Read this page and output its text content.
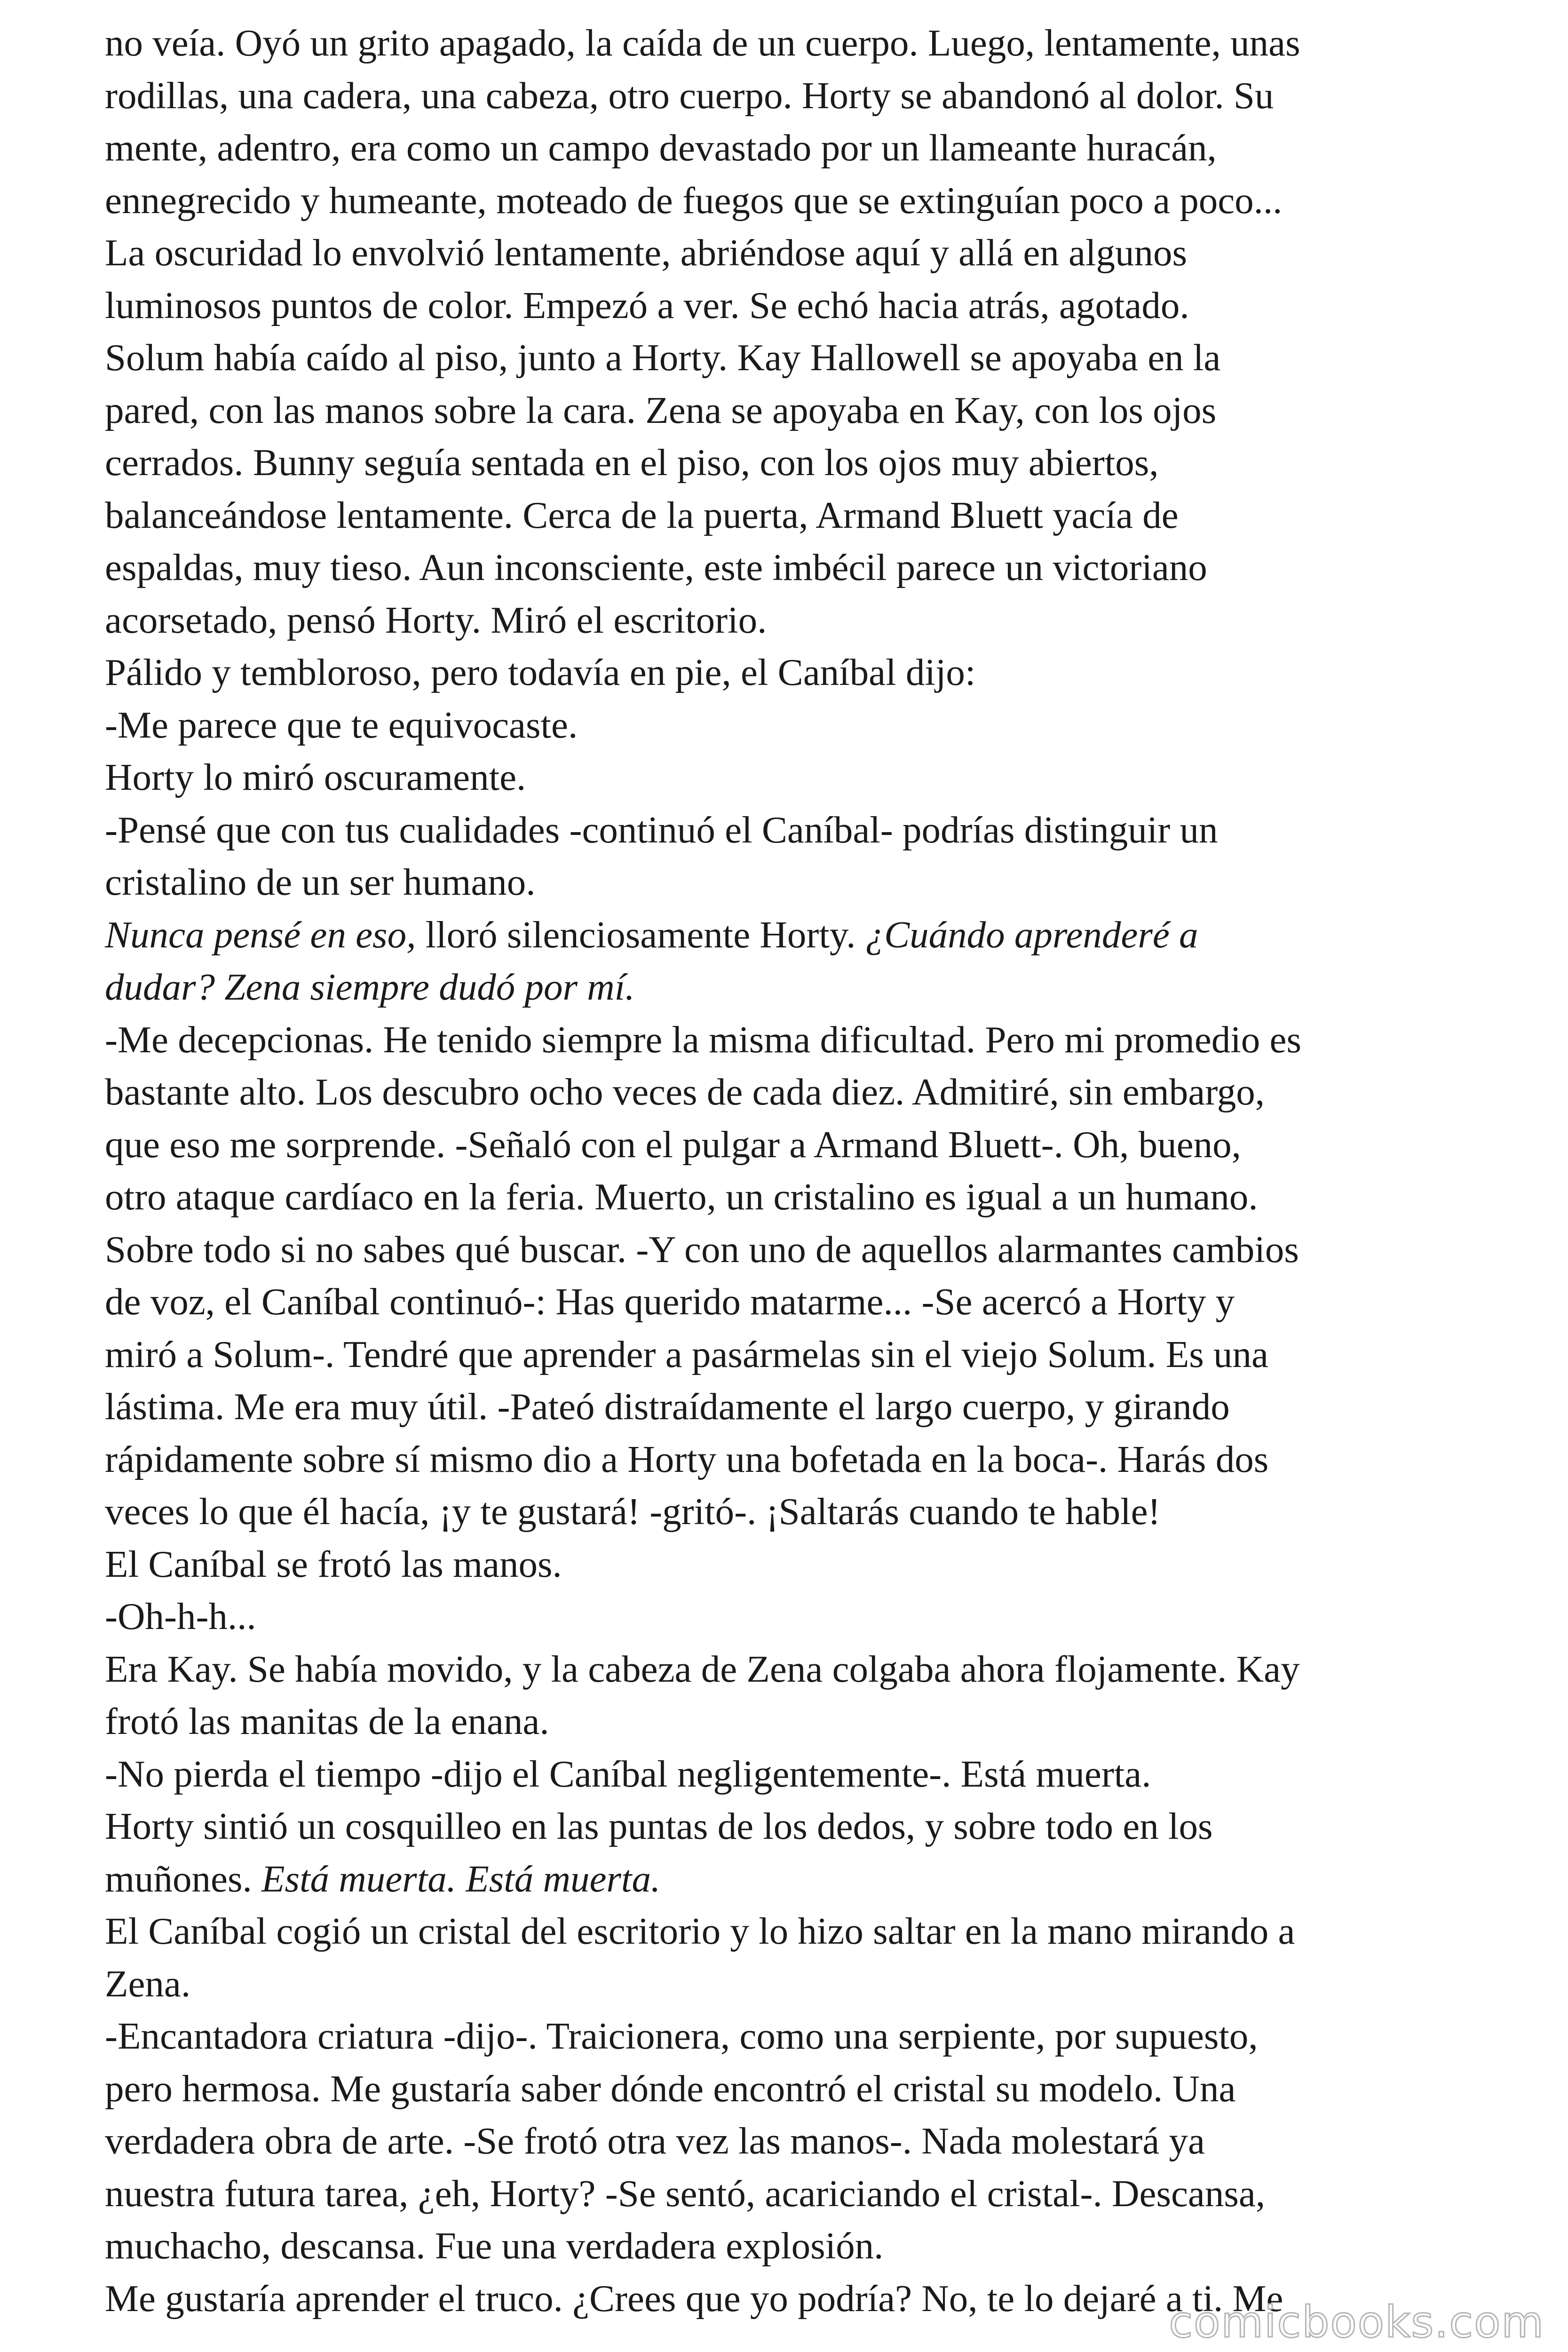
no veía. Oyó un grito apagado, la caída de un cuerpo. Luego, lentamente, unas
rodillas, una cadera, una cabeza, otro cuerpo. Horty se abandonó al dolor. Su
mente, adentro, era como un campo devastado por un llameante huracán,
ennegrecido y humeante, moteado de fuegos que se extinguían poco a poco...
La oscuridad lo envolvió lentamente, abriéndose aquí y allá en algunos
luminosos puntos de color. Empezó a ver. Se echó hacia atrás, agotado.
Solum había caído al piso, junto a Horty. Kay Hallowell se apoyaba en la
pared, con las manos sobre la cara. Zena se apoyaba en Kay, con los ojos
cerrados. Bunny seguía sentada en el piso, con los ojos muy abiertos,
balanceándose lentamente. Cerca de la puerta, Armand Bluett yacía de
espaldas, muy tieso. Aun inconsciente, este imbécil parece un victoriano
acorsetado, pensó Horty. Miró el escritorio.
Pálido y tembloroso, pero todavía en pie, el Caníbal dijo:
-Me parece que te equivocaste.
Horty lo miró oscuramente.
-Pensé que con tus cualidades -continuó el Caníbal- podrías distinguir un
cristalino de un ser humano.
Nunca pensé en eso, lloró silenciosamente Horty. ¿Cuándo aprenderé a
dudar? Zena siempre dudó por mí.
-Me decepcionas. He tenido siempre la misma dificultad. Pero mi promedio es
bastante alto. Los descubro ocho veces de cada diez. Admitiré, sin embargo,
que eso me sorprende. -Señaló con el pulgar a Armand Bluett-. Oh, bueno,
otro ataque cardíaco en la feria. Muerto, un cristalino es igual a un humano.
Sobre todo si no sabes qué buscar. -Y con uno de aquellos alarmantes cambios
de voz, el Caníbal continuó-: Has querido matarme... -Se acercó a Horty y
miró a Solum-. Tendré que aprender a pasármelas sin el viejo Solum. Es una
lástima. Me era muy útil. -Pateó distraídamente el largo cuerpo, y girando
rápidamente sobre sí mismo dio a Horty una bofetada en la boca-. Harás dos
veces lo que él hacía, ¡y te gustará! -gritó-. ¡Saltarás cuando te hable!
El Caníbal se frotó las manos.
-Oh-h-h...
Era Kay. Se había movido, y la cabeza de Zena colgaba ahora flojamente. Kay
frotó las manitas de la enana.
-No pierda el tiempo -dijo el Caníbal negligentemente-. Está muerta.
Horty sintió un cosquilleo en las puntas de los dedos, y sobre todo en los
muñones. Está muerta. Está muerta.
El Caníbal cogió un cristal del escritorio y lo hizo saltar en la mano mirando a
Zena.
-Encantadora criatura -dijo-. Traicionera, como una serpiente, por supuesto,
pero hermosa. Me gustaría saber dónde encontró el cristal su modelo. Una
verdadera obra de arte. -Se frotó otra vez las manos-. Nada molestará ya
nuestra futura tarea, ¿eh, Horty? -Se sentó, acariciando el cristal-. Descansa,
muchacho, descansa. Fue una verdadera explosión.
Me gustaría aprender el truco. ¿Crees que yo podría? No, te lo dejaré a ti. Me
comicbooks.com
